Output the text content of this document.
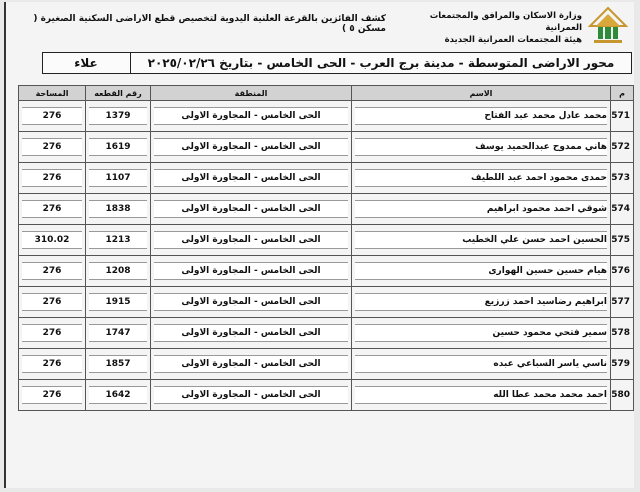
وزارة الاسكان والمرافق والمجتمعات العمرانية
هيئة المجتمعات العمرانية الجديدة
كشف الفائزين بالقرعة العلنية اليدوية لتخصيص قطع الاراضى السكنية الصغيرة ( مسكن ٥ )
محور الاراضى المتوسطة - مدينة برج العرب - الحى الخامس - بتاريخ ٢٠٢٥/٠٢/٢٦
علاء
م	الاسم	المنطقة	رقم القطعه	المساحة
571	محمد عادل محمد عبد الفتاح	الحى الخامس - المجاورة الاولى	1379	276

572	هاني ممدوح عبدالحميد يوسف	الحى الخامس - المجاورة الاولى	1619	276

573	حمدى محمود احمد عبد اللطيف	الحى الخامس - المجاورة الاولى	1107	276

574	شوقي احمد محمود ابراهيم	الحى الخامس - المجاورة الاولى	1838	276

575	الحسين احمد حسن علي الخطيب	الحى الخامس - المجاورة الاولى	1213	310.02

576	هيام حسين حسين الهوارى	الحى الخامس - المجاورة الاولى	1208	276

577	ابراهيم رضاسيد احمد زرزيع	الحى الخامس - المجاورة الاولى	1915	276

578	سمير فتحي محمود حسين	الحى الخامس - المجاورة الاولى	1747	276

579	ناسي ياسر السباعي عبده	الحى الخامس - المجاورة الاولى	1857	276

580	احمد محمد محمد عطا الله	الحى الخامس - المجاورة الاولى	1642	276
